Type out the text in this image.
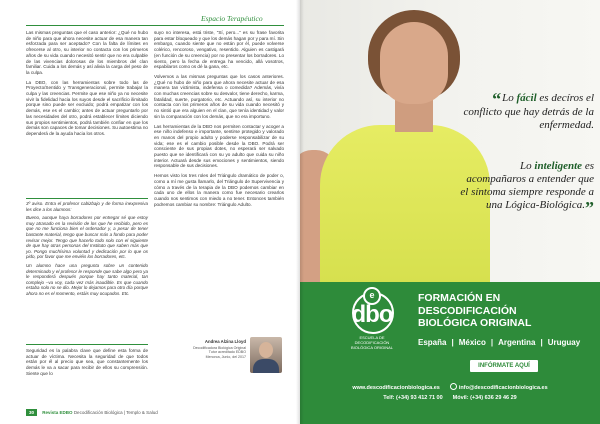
Espacio Terapéutico

Las mismas preguntas que el caso anterior: ¿Qué no hubo de niño para que ahora necesite actuar de esa manera tan esforzada para ser aceptado? Con la falta de límites en ofrecerse al otro, su interior no contacta con los primeros años de su vida cuando necesitó sentir que no era culpable de las vivencias dolorosas de los miembros del clan familiar. Cuida a los demás y así alivia la carga del peso de la culpa.

La DBO, con las herramientas sobre todo las de Proyecto/Sentido y Transgeneracional, permite trabajar la culpa y las creencias. Permite que ese niño ya no necesite vivir la fidelidad hacia los suyos desde el sacrificio ilimitado porque sino puede ser excluido; podrá empatizar con los demás, ese es el cambio; antes de actuar preguntarlo por las necesidades del otro, podrá establecer límites diciendo sus propios sentimientos, podrá también confiar en que los demás son capaces de tomar decisiones. Su autoestima no dependerá de la ayuda hacia los otros.

3º aviso. Entra el profesor cabizbajo y de forma inexpresiva les dice a los alumnos:

Bueno, aunque haya borradores por entregar sé que estoy muy atrasado en la revisión de los que he recibido, pero es que no me funciona bien el ordenador y, a pesar de tener bastante material, tengo que buscar más a fondo para poder revisar mejor. Tengo que hacerlo todo solo con el siguiente de que hay otras personas del Instituto que saben más que yo. Pongo muchísima voluntad y dedicación por lo que os pido, por favor que me enviéis los borradores, etc.

Un alumno hace una pregunta sobre un contenido determinado y el profesor le responde que sabe algo pero ya le responderá después porque hay tanto material, tan complejo –va voy, cada vez más inaudible. Es que cuando estaba solo no se dio. Mejor lo dejamos para otro día porque ahora no es el momento, estáis muy ocupados. Etc.

Seguridad es la palabra clave que define esta forma de actuar de víctima. Necesita la seguridad de que todos están por él al precio que sea, que constantemente los demás le va a sacar para recibir de ellos su comprensión. Siente que lo

suyo no interesa, está triste, "Sí, pero..." es su frase favorita para estar bloqueado y que los demás hagan por y para mí. Sin embargo, cuando siente que no están por él, puede volverse colérico, rencoroso, vengativo, resentido. Alguien es castigará (en función de su creencia) por no presentar los borradores. Lo siento, pero la fecha de entrega ha vencido, allá vosotros, espabilaros como os dé la gana, etc.

Volvemos a las mismas preguntas que los casos anteriores. ¿Qué no hubo de niño para que ahora necesite actuar de esa manera tan victimista, indefensa o comedida? Además, vivía con muchas creencias sobre su desvalor, tiene derecho, karma, fatalidad, suerte, purgatorio, etc. Actuando así, su interior no contacta con los primeros años de su vida cuando necesitó y no sintió que era alguien en el clan, que tenía identidad y valor sin la comparación con los demás, que no era importuno.

Las herramientas de la DBO nos permiten contactar y acoger a ese niño indefenso e importante, sentirse protegido y valorado en manos del propio adulto y poderse responsabilizar de su vida; ese es el cambio posible desde la DBO. Podrá ser consciente de sus propias dotes, no esperará ser salvado puesto que se identificará con su yo adulto que cuida su niño interior. Actuará desde sus emociones y sentimientos, siendo responsable de sus decisiones.

Hemos visto los tres roles del Triángulo dramático de poder o, como a mí me gusta llamarlo, del Triángulo de Supervivencia y cómo a través de la terapia de la DBO podemos cambiar en cada uno de ellos la manera como fue necesario crearlos cuando nos sentimos con miedo a no tener. Entonces también podremos cambiar su nombre: Triángulo Adulto.

Andrea Alzina Lloyd
Decodificadora Biológica Original
Tutor acreditado EDBO
Menorca, Junio, del 2017
30 Revista EDBO Decodificación Biológica | Templo & Salud
“Lo fácil es decíros el conflicto que hay detrás de la enfermedad.
Lo inteligente es acompañaros a entender que el síntoma siempre responde a una Lógica-Biológica.”
e
dbo
ESCUELA DE DECODIFICACIÓN BIOLÓGICA ORIGINAL
FORMACIÓN EN
DESCODIFICACIÓN
BIOLÓGICA ORIGINAL
España | México | Argentina | Uruguay
INFÓRMATE AQUÍ
www.descodificacionbiologica.es	info@descodificacionbiologica.es
Telf: (+34) 93 412 71 00 Móvil: (+34) 636 29 46 29
